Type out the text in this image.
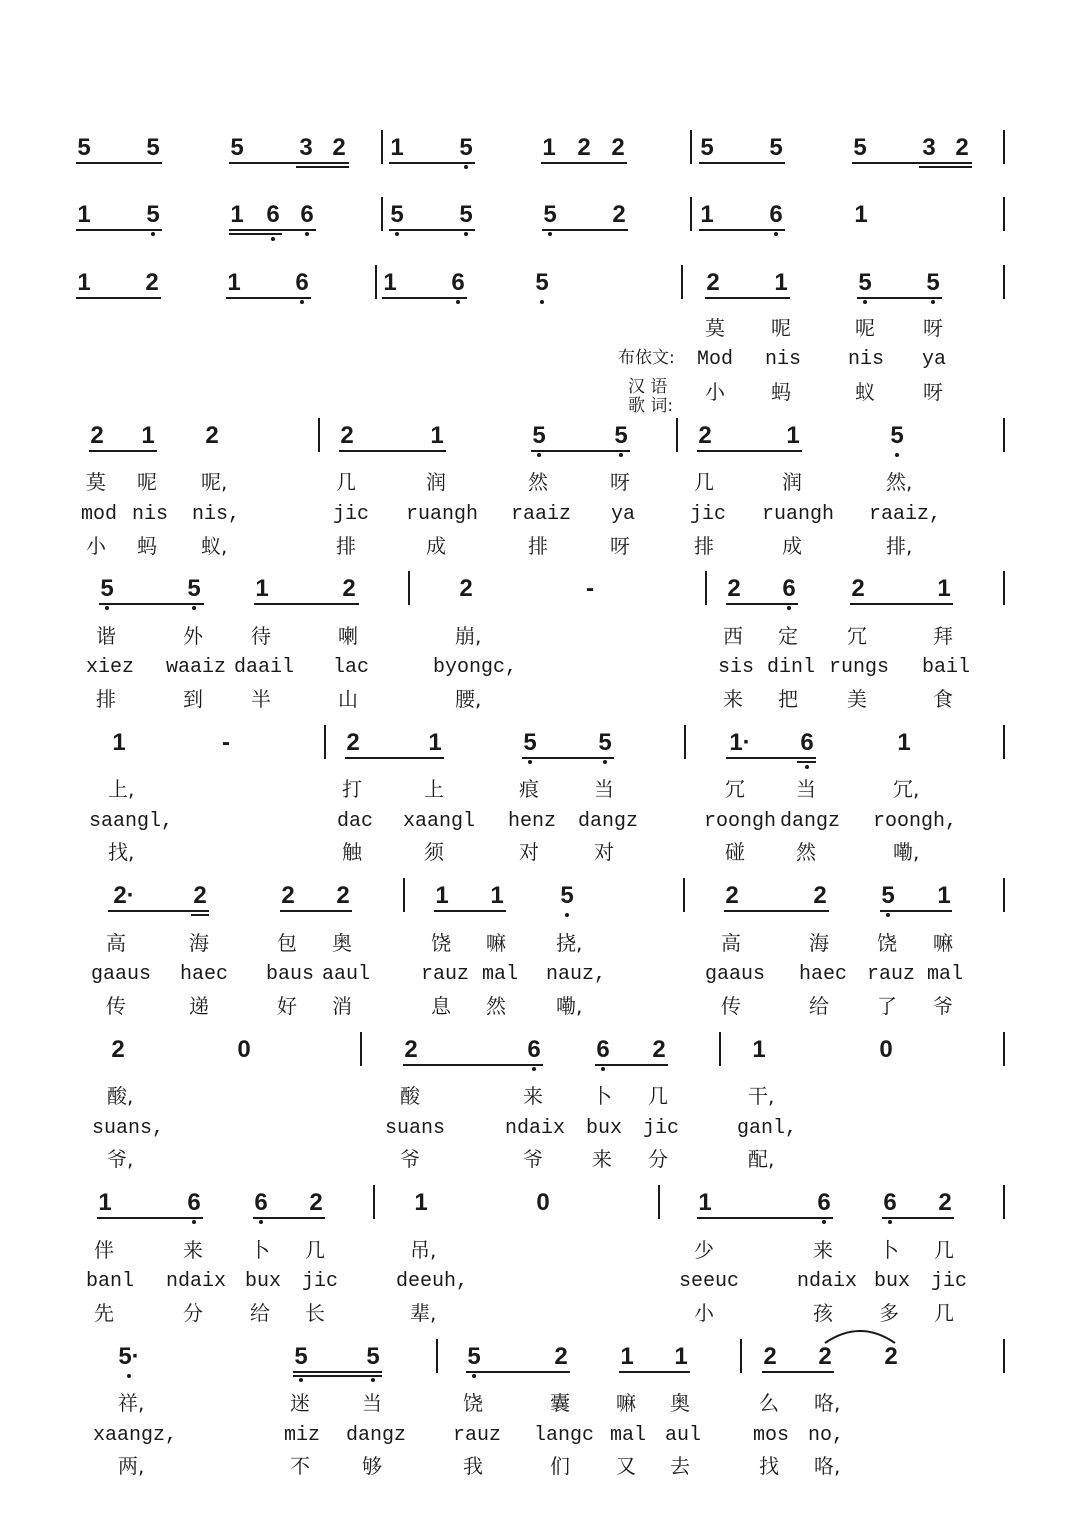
5	5	5	3 2	1	5	1 2 2	5	5	5	3 2
1	5	1 6 6	5	5	5	2	1	6	1
1	2	1	6	1	6	5	2	1	5	5
莫 呢	呢 呀
布依文: Mod nis nis ya
汉 语
歌 词:
小 蚂	蚁 呀
2	1	2	2	1	5	5	2	1	5
莫 呢 呢,	几	润	然	呀	几	润	然,
mod nis nis,	jic ruangh raaiz ya	jic ruangh raaiz,
小 蚂 蚁,	排	成	排	呀	排	成	排,
5	5	1	2	2	-	2	6	2	1
谐	外 待	喇	崩,	西 定 冗	拜
xiez waaiz daail lac	byongc,	sis dinl rungs bail
排	到 半	山	腰,	来 把 美	食
1	-	2	1	5	5	1·	6	1
上,	打	上	痕	当	冗	当	冗,
saangl,	dac xaangl henz dangz	roongh dangz roongh,
找,	触	须	对	对	碰	然	嘞,
2·	2	2	2	1	1	5	2	2	5	1
高	海	包 奥	饶 嘛	挠,	高	海 饶 嘛
gaaus haec baus aaul	rauz mal nauz,	gaaus haec rauz mal
传	递	好 消	息 然	嘞,	传	给 了 爷
2	0	2	6	6	2	1	0
酸,	酸	来 卜 几	干,
suans,	suans	ndaix bux jic	ganl,
爷,	爷	爷 来 分	配,
1	6	6	2	1	0	1	6	6	2
伴	来 卜 几	吊,	少	来 卜 几
banl ndaix bux jic	deeuh,	seeuc	ndaix bux jic
先	分 给 长	辈,	小	孩 多 几
5·	5	5	5	2	1	1	2	2	2
祥,	迷	当	饶	囊 嘛 奥	么 咯,
xaangz,	miz dangz rauz langc mal aul	mos no,
两,	不	够	我	们 又 去	找 咯,
